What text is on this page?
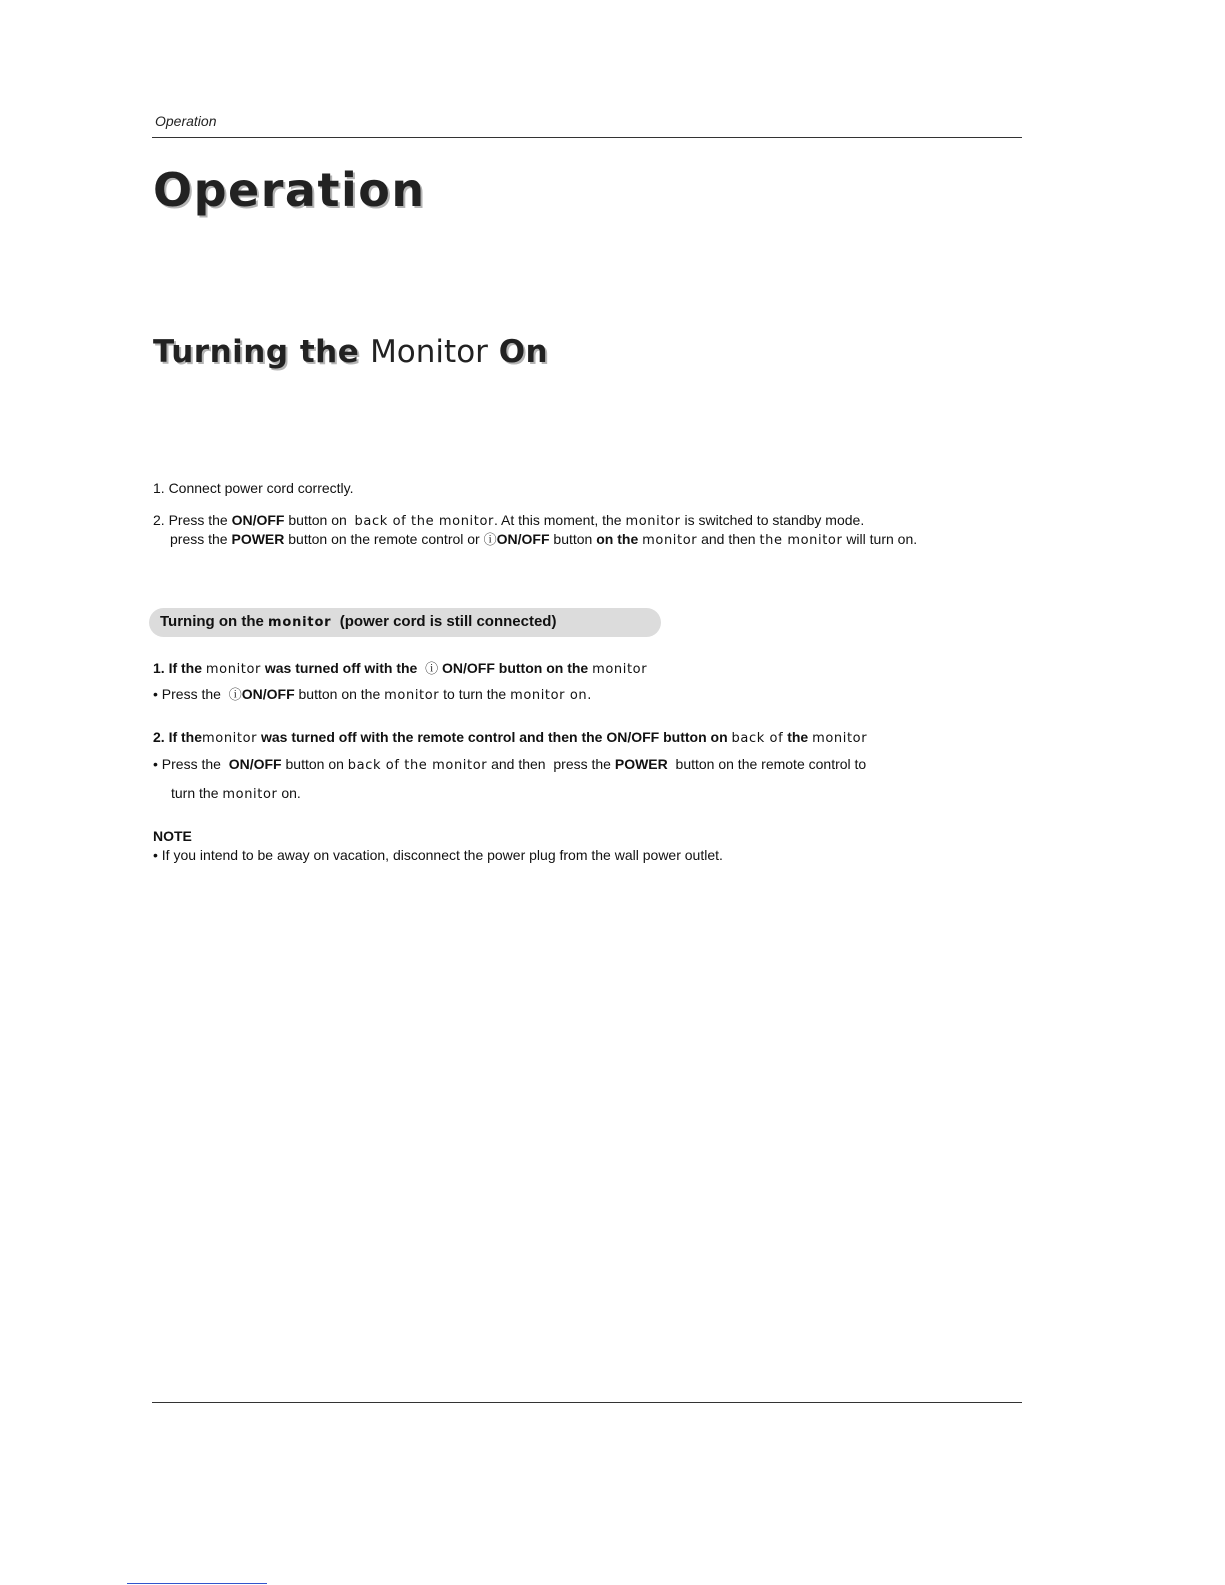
Operation
Operation
Turning the Monitor On
1. Connect power cord correctly.
2. Press the ON/OFF button on back of the monitor. At this moment, the monitor is switched to standby mode.
press the POWER button on the remote control or ⓘON/OFF button on the monitor and then the monitor will turn on.
Turning on the monitor (power cord is still connected)
1. If the monitor was turned off with the ⓘ ON/OFF button on the monitor
• Press the ⓘON/OFF button on the monitor to turn the monitor on.
2. If themonitor was turned off with the remote control and then the ON/OFF button on back of the monitor
• Press the ON/OFF button on back of the monitor and then press the POWER button on the remote control to
turn the monitor on.
NOTE
• If you intend to be away on vacation, disconnect the power plug from the wall power outlet.
